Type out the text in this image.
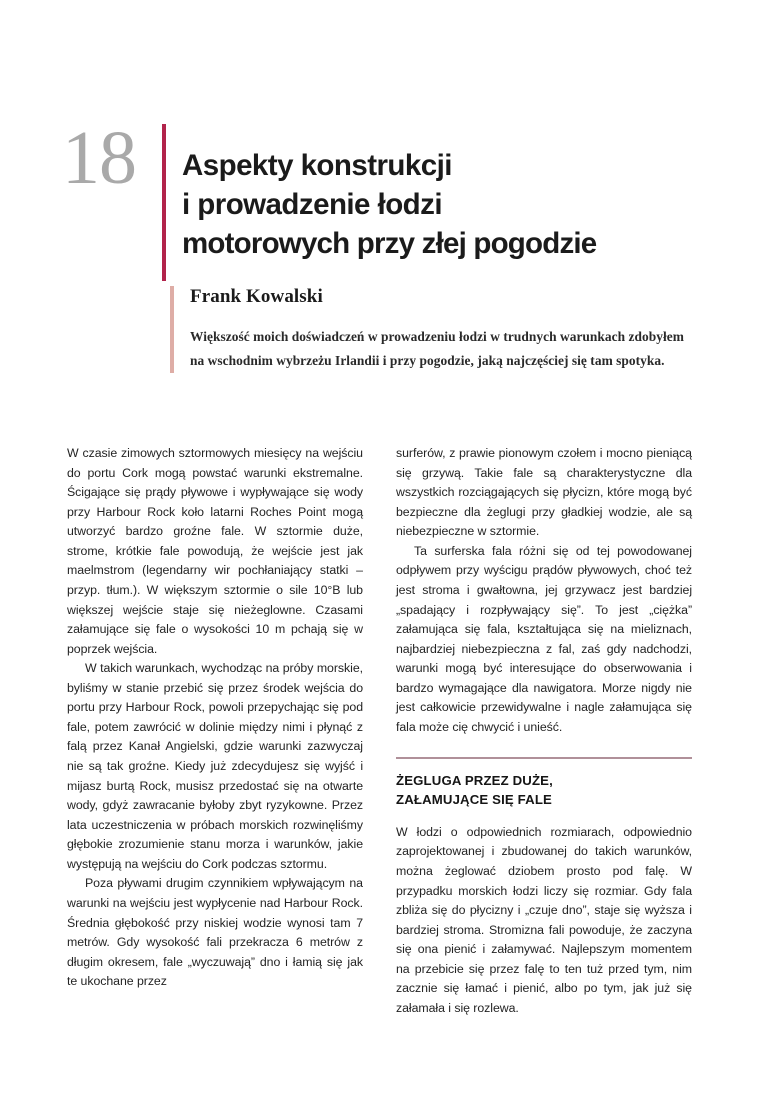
18	Aspekty konstrukcji
i prowadzenie łodzi
motorowych przy złej pogodzie
Frank Kowalski
Większość moich doświadczeń w prowadzeniu łodzi w trudnych warunkach zdobyłem na wschodnim wybrzeżu Irlandii i przy pogodzie, jaką najczęściej się tam spotyka.

W czasie zimowych sztormowych miesięcy na wejściu do portu Cork mogą powstać warunki ekstremalne. Ścigające się prądy pływowe i wypływające się wody przy Harbour Rock koło latarni Roches Point mogą utworzyć bardzo groźne fale. W sztormie duże, strome, krótkie fale powodują, że wejście jest jak maelmstrom (legendarny wir pochłaniający statki – przyp. tłum.). W większym sztormie o sile 10°B lub większej wejście staje się nieżeglowne. Czasami załamujące się fale o wysokości 10 m pchają się w poprzek wejścia.

W takich warunkach, wychodząc na próby morskie, byliśmy w stanie przebić się przez środek wejścia do portu przy Harbour Rock, powoli przepychając się pod fale, potem zawrócić w dolinie między nimi i płynąć z falą przez Kanał Angielski, gdzie warunki zazwyczaj nie są tak groźne. Kiedy już zdecydujesz się wyjść i mijasz burtą Rock, musisz przedostać się na otwarte wody, gdyż zawracanie byłoby zbyt ryzykowne. Przez lata uczestniczenia w próbach morskich rozwinęliśmy głębokie zrozumienie stanu morza i warunków, jakie występują na wejściu do Cork podczas sztormu.

Poza pływami drugim czynnikiem wpływającym na warunki na wejściu jest wypłycenie nad Harbour Rock. Średnia głębokość przy niskiej wodzie wynosi tam 7 metrów. Gdy wysokość fali przekracza 6 metrów z długim okresem, fale „wyczuwają” dno i łamią się jak te ukochane przez

surferów, z prawie pionowym czołem i mocno pieniącą się grzywą. Takie fale są charakterystyczne dla wszystkich rozciągających się płycizn, które mogą być bezpieczne dla żeglugi przy gładkiej wodzie, ale są niebezpieczne w sztormie.

Ta surferska fala różni się od tej powodowanej odpływem przy wyścigu prądów pływowych, choć też jest stroma i gwałtowna, jej grzywacz jest bardziej „spadający i rozpływający się”. To jest „ciężka” załamująca się fala, kształtująca się na mieliznach, najbardziej niebezpieczna z fal, zaś gdy nadchodzi, warunki mogą być interesujące do obserwowania i bardzo wymagające dla nawigatora. Morze nigdy nie jest całkowicie przewidywalne i nagle załamująca się fala może cię chwycić i unieść.

ŻEGLUGA PRZEZ DUŻE,
ZAŁAMUJĄCE SIĘ FALE

W łodzi o odpowiednich rozmiarach, odpowiednio zaprojektowanej i zbudowanej do takich warunków, można żeglować dziobem prosto pod falę. W przypadku morskich łodzi liczy się rozmiar. Gdy fala zbliża się do płycizny i „czuje dno”, staje się wyższa i bardziej stroma. Stromizna fali powoduje, że zaczyna się ona pienić i załamywać. Najlepszym momentem na przebicie się przez falę to ten tuż przed tym, nim zacznie się łamać i pienić, albo po tym, jak już się załamała i się rozlewa.
